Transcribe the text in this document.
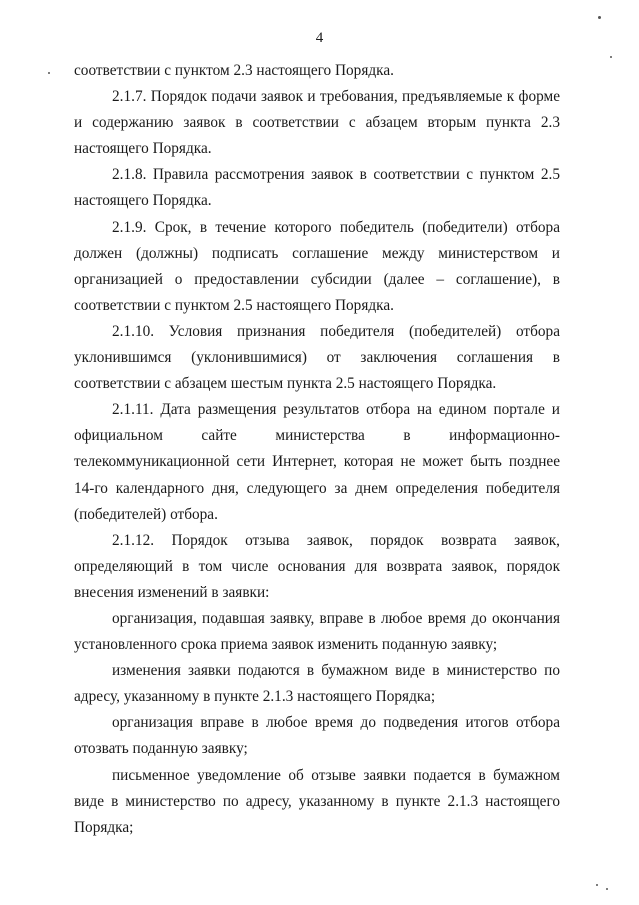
4

соответствии с пунктом 2.3 настоящего Порядка.

2.1.7. Порядок подачи заявок и требования, предъявляемые к форме и содержанию заявок в соответствии с абзацем вторым пункта 2.3 настоящего Порядка.

2.1.8. Правила рассмотрения заявок в соответствии с пунктом 2.5 настоящего Порядка.

2.1.9. Срок, в течение которого победитель (победители) отбора должен (должны) подписать соглашение между министерством и организацией о предоставлении субсидии (далее – соглашение), в соответствии с пунктом 2.5 настоящего Порядка.

2.1.10. Условия признания победителя (победителей) отбора уклонившимся (уклонившимися) от заключения соглашения в соответствии с абзацем шестым пункта 2.5 настоящего Порядка.

2.1.11. Дата размещения результатов отбора на едином портале и официальном сайте министерства в информационно-телекоммуникационной сети Интернет, которая не может быть позднее 14-го календарного дня, следующего за днем определения победителя (победителей) отбора.

2.1.12. Порядок отзыва заявок, порядок возврата заявок, определяющий в том числе основания для возврата заявок, порядок внесения изменений в заявки:

организация, подавшая заявку, вправе в любое время до окончания установленного срока приема заявок изменить поданную заявку;

изменения заявки подаются в бумажном виде в министерство по адресу, указанному в пункте 2.1.3 настоящего Порядка;

организация вправе в любое время до подведения итогов отбора отозвать поданную заявку;

письменное уведомление об отзыве заявки подается в бумажном виде в министерство по адресу, указанному в пункте 2.1.3 настоящего Порядка;
